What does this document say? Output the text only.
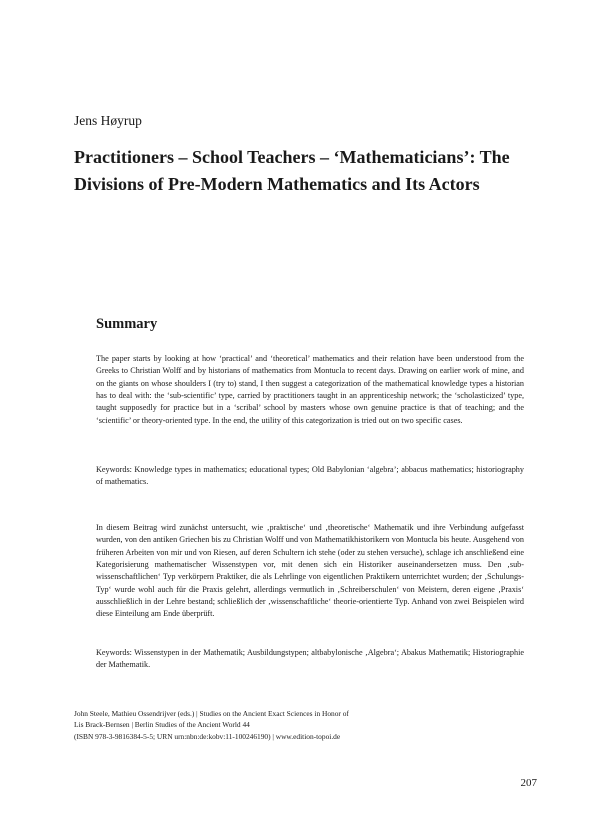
Jens Høyrup
Practitioners – School Teachers – ‘Mathematicians’: The Divisions of Pre-Modern Mathematics and Its Actors
Summary
The paper starts by looking at how ‘practical’ and ‘theoretical’ mathematics and their relation have been understood from the Greeks to Christian Wolff and by historians of mathematics from Montucla to recent days. Drawing on earlier work of mine, and on the giants on whose shoulders I (try to) stand, I then suggest a categorization of the mathematical knowledge types a historian has to deal with: the ‘sub-scientific’ type, carried by practitioners taught in an apprenticeship network; the ‘scholasticized’ type, taught supposedly for practice but in a ‘scribal’ school by masters whose own genuine practice is that of teaching; and the ‘scientific’ or theory-oriented type. In the end, the utility of this categorization is tried out on two specific cases.
Keywords: Knowledge types in mathematics; educational types; Old Babylonian ‘algebra’; abbacus mathematics; historiography of mathematics.
In diesem Beitrag wird zunächst untersucht, wie ‚praktische‘ und ‚theoretische‘ Mathematik und ihre Verbindung aufgefasst wurden, von den antiken Griechen bis zu Christian Wolff und von Mathematikhistorikern von Montucla bis heute. Ausgehend von früheren Arbeiten von mir und von Riesen, auf deren Schultern ich stehe (oder zu stehen versuche), schlage ich anschließend eine Kategorisierung mathematischer Wissenstypen vor, mit denen sich ein Historiker auseinandersetzen muss. Den ‚sub-wissenschaftlichen‘ Typ verkörpern Praktiker, die als Lehrlinge von eigentlichen Praktikern unterrichtet wurden; der ‚Schulungs-Typ‘ wurde wohl auch für die Praxis gelehrt, allerdings vermutlich in ‚Schreiberschulen‘ von Meistern, deren eigene ‚Praxis‘ ausschließlich in der Lehre bestand; schließlich der ‚wissenschaftliche‘ theorie-orientierte Typ. Anhand von zwei Beispielen wird diese Einteilung am Ende überprüft.
Keywords: Wissenstypen in der Mathematik; Ausbildungstypen; altbabylonische ‚Algebra‘; Abakus Mathematik; Historiographie der Mathematik.
John Steele, Mathieu Ossendrijver (eds.) | Studies on the Ancient Exact Sciences in Honor of
Lis Brack-Bernsen | Berlin Studies of the Ancient World 44
(ISBN 978-3-9816384-5-5; URN urn:nbn:de:kobv:11-100246190) | www.edition-topoi.de
207
